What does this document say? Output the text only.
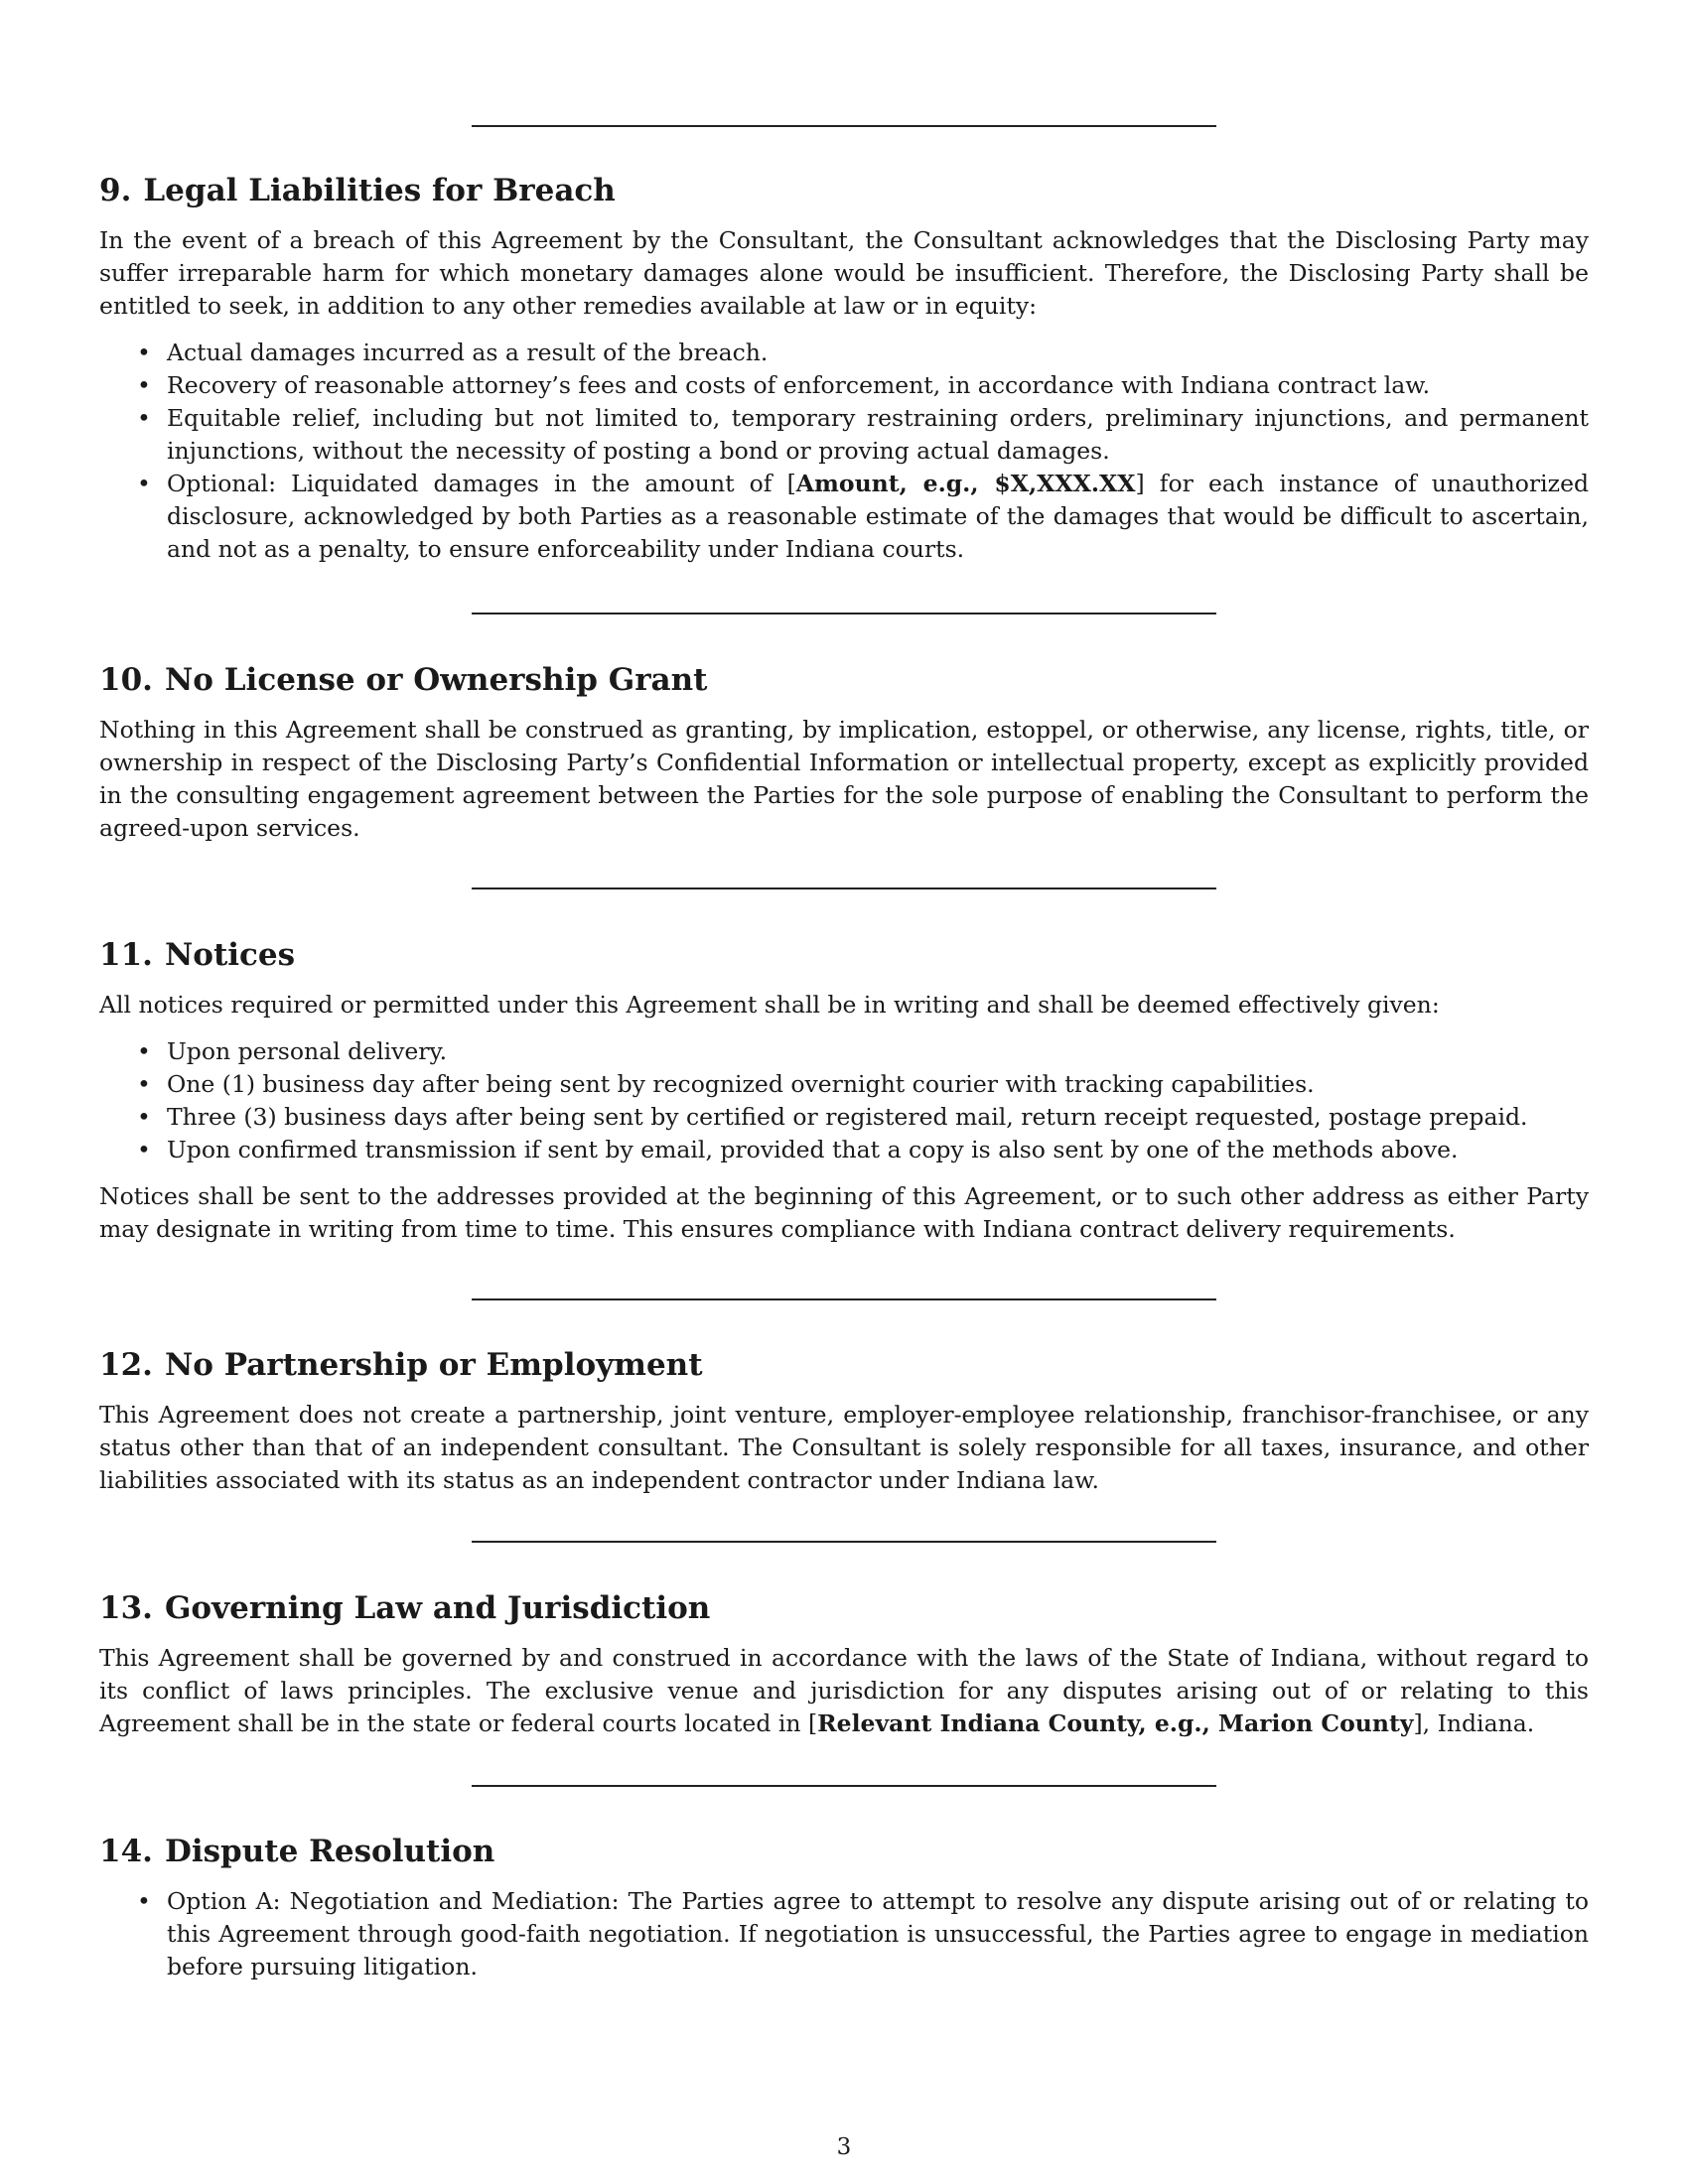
9. Legal Liabilities for Breach

In the event of a breach of this Agreement by the Consultant, the Consultant acknowledges that the Disclosing Party may suffer irreparable harm for which monetary damages alone would be insufficient. Therefore, the Disclosing Party shall be entitled to seek, in addition to any other remedies available at law or in equity:

• Actual damages incurred as a result of the breach.
• Recovery of reasonable attorney’s fees and costs of enforcement, in accordance with Indiana contract law.
• Equitable relief, including but not limited to, temporary restraining orders, preliminary injunctions, and permanent injunctions, without the necessity of posting a bond or proving actual damages.
• Optional: Liquidated damages in the amount of [Amount, e.g., $X,XXX.XX] for each instance of unauthorized disclosure, acknowledged by both Parties as a reasonable estimate of the damages that would be difficult to ascertain, and not as a penalty, to ensure enforceability under Indiana courts.
10. No License or Ownership Grant

Nothing in this Agreement shall be construed as granting, by implication, estoppel, or otherwise, any license, rights, title, or ownership in respect of the Disclosing Party’s Confidential Information or intellectual property, except as explicitly provided in the consulting engagement agreement between the Parties for the sole purpose of enabling the Consultant to perform the agreed-upon services.

11. Notices

All notices required or permitted under this Agreement shall be in writing and shall be deemed effectively given:

• Upon personal delivery.
• One (1) business day after being sent by recognized overnight courier with tracking capabilities.
• Three (3) business days after being sent by certified or registered mail, return receipt requested, postage prepaid.
• Upon confirmed transmission if sent by email, provided that a copy is also sent by one of the methods above.

Notices shall be sent to the addresses provided at the beginning of this Agreement, or to such other address as either Party may designate in writing from time to time. This ensures compliance with Indiana contract delivery requirements.

12. No Partnership or Employment

This Agreement does not create a partnership, joint venture, employer-employee relationship, franchisor-franchisee, or any status other than that of an independent consultant. The Consultant is solely responsible for all taxes, insurance, and other liabilities associated with its status as an independent contractor under Indiana law.

13. Governing Law and Jurisdiction

This Agreement shall be governed by and construed in accordance with the laws of the State of Indiana, without regard to its conflict of laws principles. The exclusive venue and jurisdiction for any disputes arising out of or relating to this Agreement shall be in the state or federal courts located in [Relevant Indiana County, e.g., Marion County], Indiana.

14. Dispute Resolution
• Option A: Negotiation and Mediation: The Parties agree to attempt to resolve any dispute arising out of or relating to this Agreement through good-faith negotiation. If negotiation is unsuccessful, the Parties agree to engage in mediation before pursuing litigation.
3
